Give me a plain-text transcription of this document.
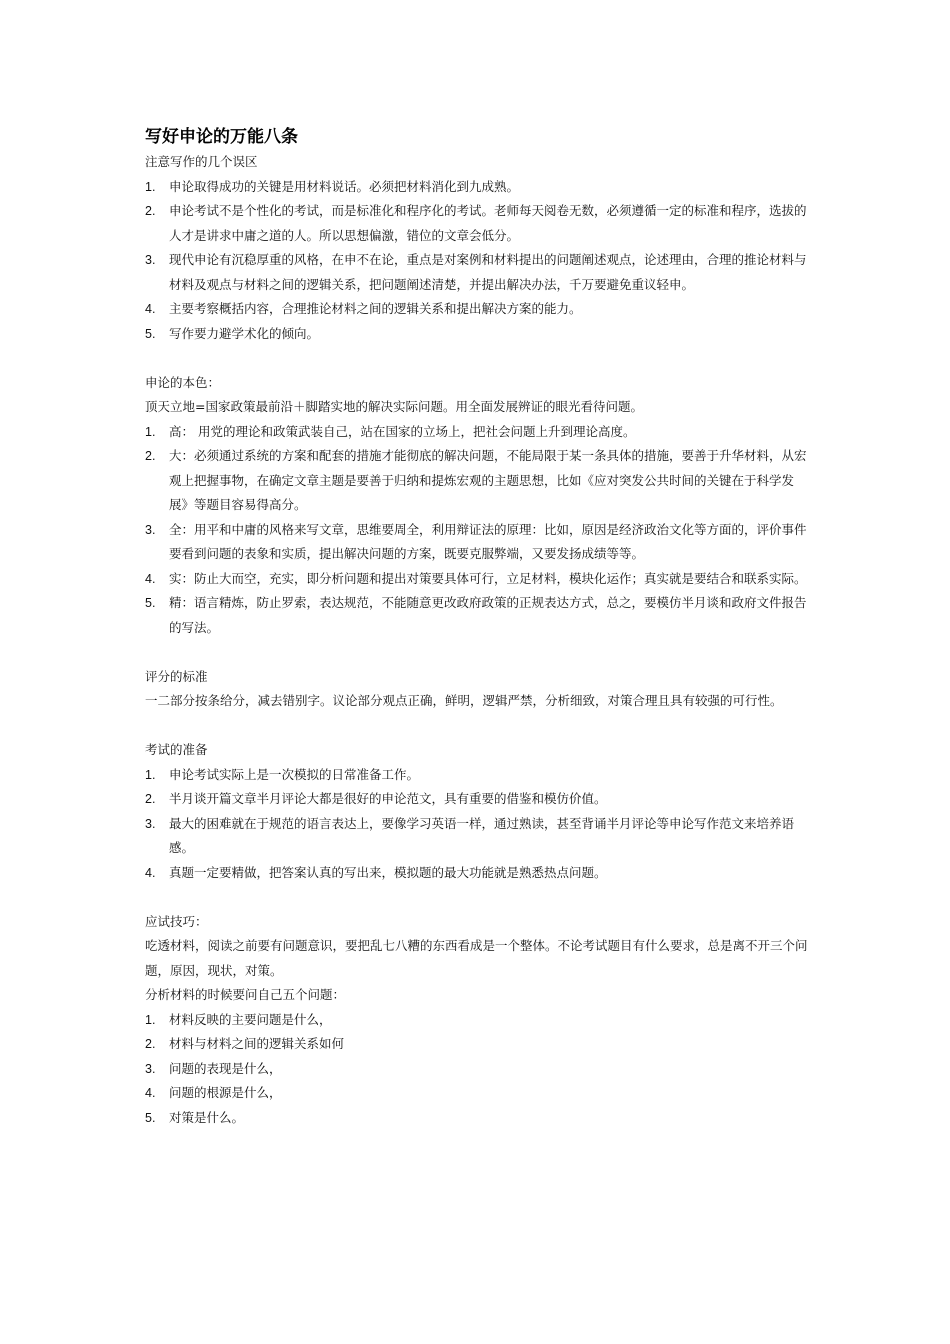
写好申论的万能八条

注意写作的几个误区

1.	申论取得成功的关键是用材料说话。必须把材料消化到九成熟。
2.	申论考试不是个性化的考试，而是标准化和程序化的考试。老师每天阅卷无数，必须遵循一定的标准和程序，选拔的人才是讲求中庸之道的人。所以思想偏激，错位的文章会低分。
3.	现代申论有沉稳厚重的风格，在申不在论，重点是对案例和材料提出的问题阐述观点，论述理由，合理的推论材料与材料及观点与材料之间的逻辑关系，把问题阐述清楚，并提出解决办法，千万要避免重议轻申。
4.	主要考察概括内容，合理推论材料之间的逻辑关系和提出解决方案的能力。
5.	写作要力避学术化的倾向。

申论的本色：

顶天立地=国家政策最前沿＋脚踏实地的解决实际问题。用全面发展辨证的眼光看待问题。

1.	高： 用党的理论和政策武装自己，站在国家的立场上，把社会问题上升到理论高度。
2.	大：必须通过系统的方案和配套的措施才能彻底的解决问题，不能局限于某一条具体的措施，要善于升华材料，从宏观上把握事物，在确定文章主题是要善于归纳和提炼宏观的主题思想，比如《应对突发公共时间的关键在于科学发展》等题目容易得高分。
3.	全：用平和中庸的风格来写文章，思维要周全，利用辩证法的原理：比如，原因是经济政治文化等方面的，评价事件要看到问题的表象和实质，提出解决问题的方案，既要克服弊端，又要发扬成绩等等。
4.	实：防止大而空，充实，即分析问题和提出对策要具体可行，立足材料，模块化运作；真实就是要结合和联系实际。
5.	精：语言精炼，防止罗索，表达规范，不能随意更改政府政策的正规表达方式，总之，要模仿半月谈和政府文件报告的写法。

评分的标准

一二部分按条给分，减去错别字。议论部分观点正确，鲜明，逻辑严禁，分析细致，对策合理且具有较强的可行性。

考试的准备

1.	申论考试实际上是一次模拟的日常准备工作。
2.	半月谈开篇文章半月评论大都是很好的申论范文，具有重要的借鉴和模仿价值。
3.	最大的困难就在于规范的语言表达上，要像学习英语一样，通过熟读，甚至背诵半月评论等申论写作范文来培养语感。
4.	真题一定要精做，把答案认真的写出来，模拟题的最大功能就是熟悉热点问题。

应试技巧：

吃透材料，阅读之前要有问题意识，要把乱七八糟的东西看成是一个整体。不论考试题目有什么要求，总是离不开三个问题，原因，现状，对策。

分析材料的时候要问自己五个问题：

1.	材料反映的主要问题是什么，
2.	材料与材料之间的逻辑关系如何
3.	问题的表现是什么，
4.	问题的根源是什么，
5.	对策是什么。
